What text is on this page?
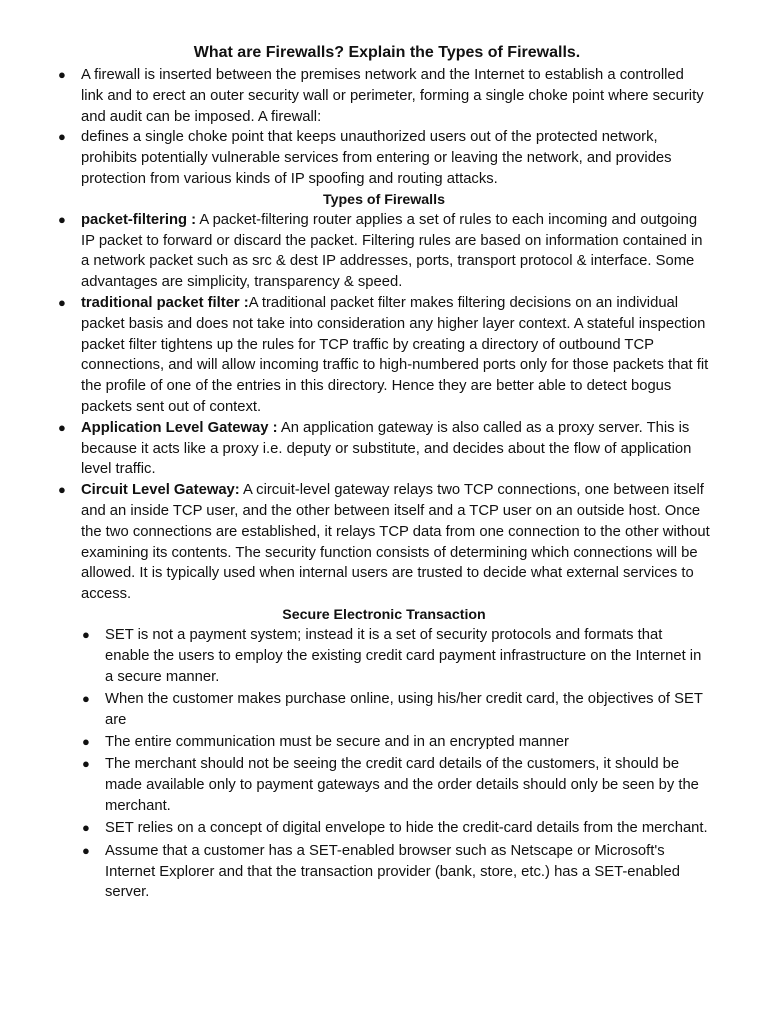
What are Firewalls? Explain the Types of Firewalls.
● A firewall is inserted between the premises network and the Internet to establish a controlled link and to erect an outer security wall or perimeter, forming a single choke point where security and audit can be imposed. A firewall:
● defines a single choke point that keeps unauthorized users out of the protected network, prohibits potentially vulnerable services from entering or leaving the network, and provides protection from various kinds of IP spoofing and routing attacks.
Types of Firewalls
● packet-filtering : A packet-filtering router applies a set of rules to each incoming and outgoing IP packet to forward or discard the packet. Filtering rules are based on information contained in a network packet such as src & dest IP addresses, ports, transport protocol & interface. Some advantages are simplicity, transparency & speed.
● traditional packet filter :A traditional packet filter makes filtering decisions on an individual packet basis and does not take into consideration any higher layer context. A stateful inspection packet filter tightens up the rules for TCP traffic by creating a directory of outbound TCP connections, and will allow incoming traffic to high-numbered ports only for those packets that fit the profile of one of the entries in this directory. Hence they are better able to detect bogus packets sent out of context.
● Application Level Gateway : An application gateway is also called as a proxy server. This is because it acts like a proxy i.e. deputy or substitute, and decides about the flow of application level traffic.
● Circuit Level Gateway: A circuit-level gateway relays two TCP connections, one between itself and an inside TCP user, and the other between itself and a TCP user on an outside host. Once the two connections are established, it relays TCP data from one connection to the other without examining its contents. The security function consists of determining which connections will be allowed. It is typically used when internal users are trusted to decide what external services to access.
Secure Electronic Transaction
● SET is not a payment system; instead it is a set of security protocols and formats that enable the users to employ the existing credit card payment infrastructure on the Internet in a secure manner.
● When the customer makes purchase online, using his/her credit card, the objectives of SET are
● The entire communication must be secure and in an encrypted manner
● The merchant should not be seeing the credit card details of the customers, it should be made available only to payment gateways and the order details should only be seen by the merchant.
● SET relies on a concept of digital envelope to hide the credit-card details from the merchant.
● Assume that a customer has a SET-enabled browser such as Netscape or Microsoft's Internet Explorer and that the transaction provider (bank, store, etc.) has a SET-enabled server.
